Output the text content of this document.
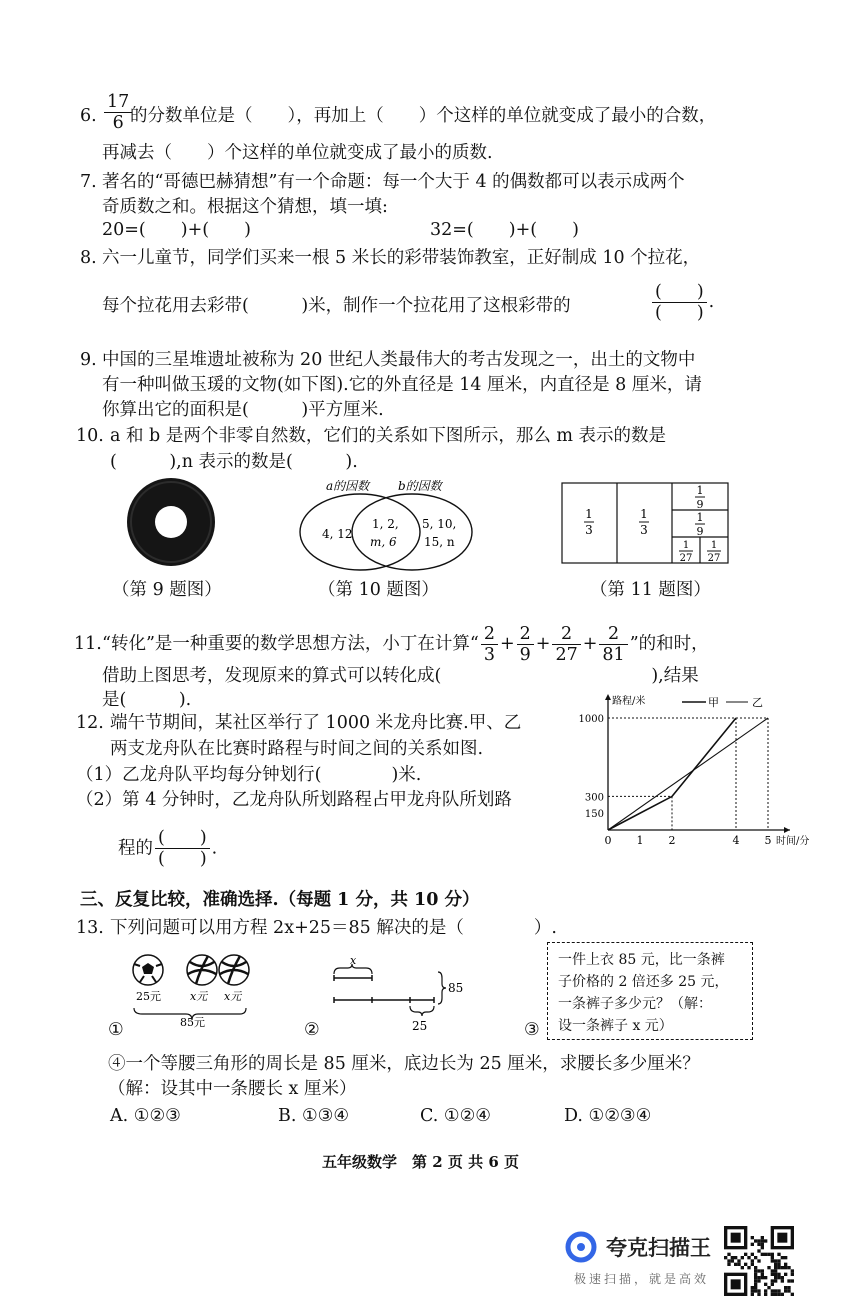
6. $\frac{17}{6}$
的分数单位是（　　），再加上（　　）个这样的单位就变成了最小的合数，
再减去（　　）个这样的单位就变成了最小的质数.
7. 著名的“哥德巴赫猜想”有一个命题：每一个大于 4 的偶数都可以表示成两个
奇质数之和。根据这个猜想，填一填:
20=(　　)+(　　)	32=(　　)+(　　)
8. 六一儿童节，同学们买来一根 5 米长的彩带装饰教室，正好制成 10 个拉花，
每个拉花用去彩带(　　　)米，制作一个拉花用了这根彩带的	$\frac{( )}{( )}$ .
9. 中国的三星堆遗址被称为 20 世纪人类最伟大的考古发现之一，出土的文物中
有一种叫做玉瑗的文物(如下图).它的外直径是 14 厘米，内直径是 8 厘米，请
你算出它的面积是(　　　)平方厘米.
10. a 和 b 是两个非零自然数，它们的关系如下图所示，那么 m 表示的数是
(　　　),n 表示的数是(　　　).
（第 9 题图）
a的因数 b的因数
4, 12
1, 2,
m, 6
5, 10,
15, n
（第 10 题图）
1
3
1
3
1
9
1
9
1
27
1
27
（第 11 题图）
11. “转化”是一种重要的数学思想方法，小丁在计算“ $\frac{2}{3} + \frac{2}{9} + \frac{2}{27} + \frac{2}{81}$ ”的和时，
借助上图思考，发现原来的算式可以转化成(　　　　　　　　　　　　),结果
是(　　　).
12. 端午节期间，某社区举行了 1000 米龙舟比赛.甲、乙
两支龙舟队在比赛时路程与时间之间的关系如图.
（1）乙龙舟队平均每分钟划行(　　　　)米.
（2）第 4 分钟时，乙龙舟队所划路程占甲龙舟队所划路
程的 $\frac{( )}{( )}$ .	0 1 2	4 5
150
300
1000
路程/米
时间/分
甲	乙
三、反复比较，准确选择.（每题 1 分，共 10 分）
13. 下列问题可以用方程 2x+25＝85 解决的是（　　　　）.
25元	x元 x元
85元
①
x
85
25
②
一件上衣 85 元，比一条裤
子价格的 2 倍还多 25 元，
一条裤子多少元？（解：
设一条裤子 x 元）
③
④一个等腰三角形的周长是 85 厘米，底边长为 25 厘米，求腰长多少厘米？
（解：设其中一条腰长 x 厘米）
A. ①②③	B. ①③④	C. ①②④	D. ①②③④
五年级数学　第 2 页 共 6 页
夸克扫描王
极速扫描，就是高效
